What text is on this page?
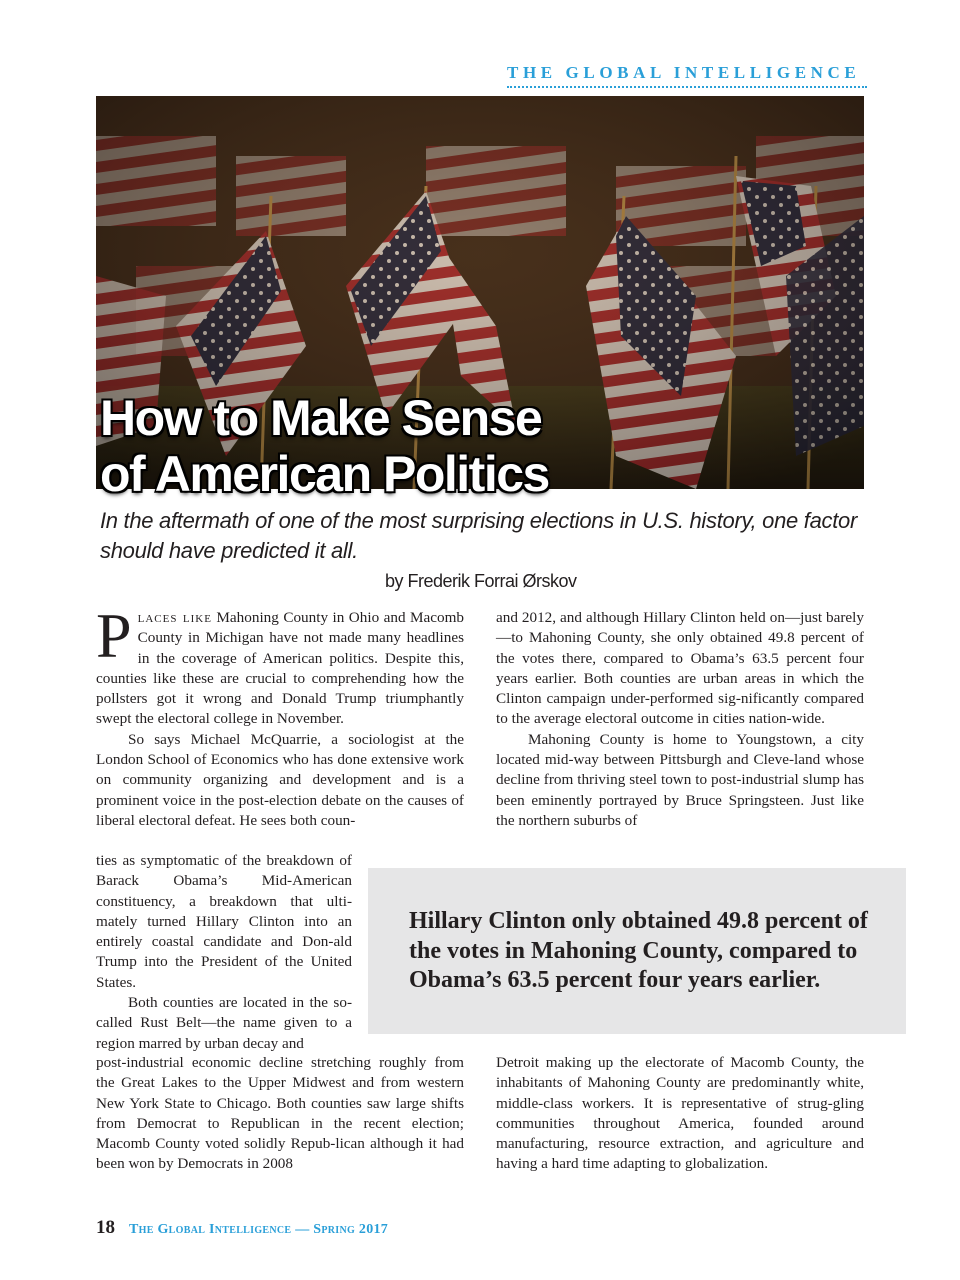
THE GLOBAL INTELLIGENCE
How to Make Sense
of American Politics
In the aftermath of one of the most surprising elections in U.S. history, one factor should have predicted it all.
by Frederik Forrai Ørskov

Places like Mahoning County in Ohio and Macomb County in Michigan have not made many headlines in the coverage of American politics. Despite this, counties like these are crucial to comprehending how the pollsters got it wrong and Donald Trump triumphantly swept the electoral college in November.

So says Michael McQuarrie, a sociologist at the London School of Economics who has done extensive work on community organizing and development and is a prominent voice in the post-election debate on the causes of liberal electoral defeat. He sees both coun-

ties as symptomatic of the breakdown of Barack Obama’s Mid-American constituency, a breakdown that ulti-mately turned Hillary Clinton into an entirely coastal candidate and Don-ald Trump into the President of the United States.

Both counties are located in the so-called Rust Belt—the name given to a region marred by urban decay and

post-industrial economic decline stretching roughly from the Great Lakes to the Upper Midwest and from western New York State to Chicago. Both counties saw large shifts from Democrat to Republican in the recent election; Macomb County voted solidly Repub-lican although it had been won by Democrats in 2008

and 2012, and although Hillary Clinton held on—just barely—to Mahoning County, she only obtained 49.8 percent of the votes there, compared to Obama’s 63.5 percent four years earlier. Both counties are urban areas in which the Clinton campaign under-performed sig-nificantly compared to the average electoral outcome in cities nation-wide.

Mahoning County is home to Youngstown, a city located mid-way between Pittsburgh and Cleve-land whose decline from thriving steel town to post-industrial slump has been eminently portrayed by Bruce Springsteen. Just like the northern suburbs of

Hillary Clinton only obtained 49.8 percent of the votes in Mahoning County, compared to Obama’s 63.5 percent four years earlier.

Detroit making up the electorate of Macomb County, the inhabitants of Mahoning County are predominantly white, middle-class workers. It is representative of strug-gling communities throughout America, founded around manufacturing, resource extraction, and agriculture and having a hard time adapting to globalization.

18 The Global Intelligence — Spring 2017
